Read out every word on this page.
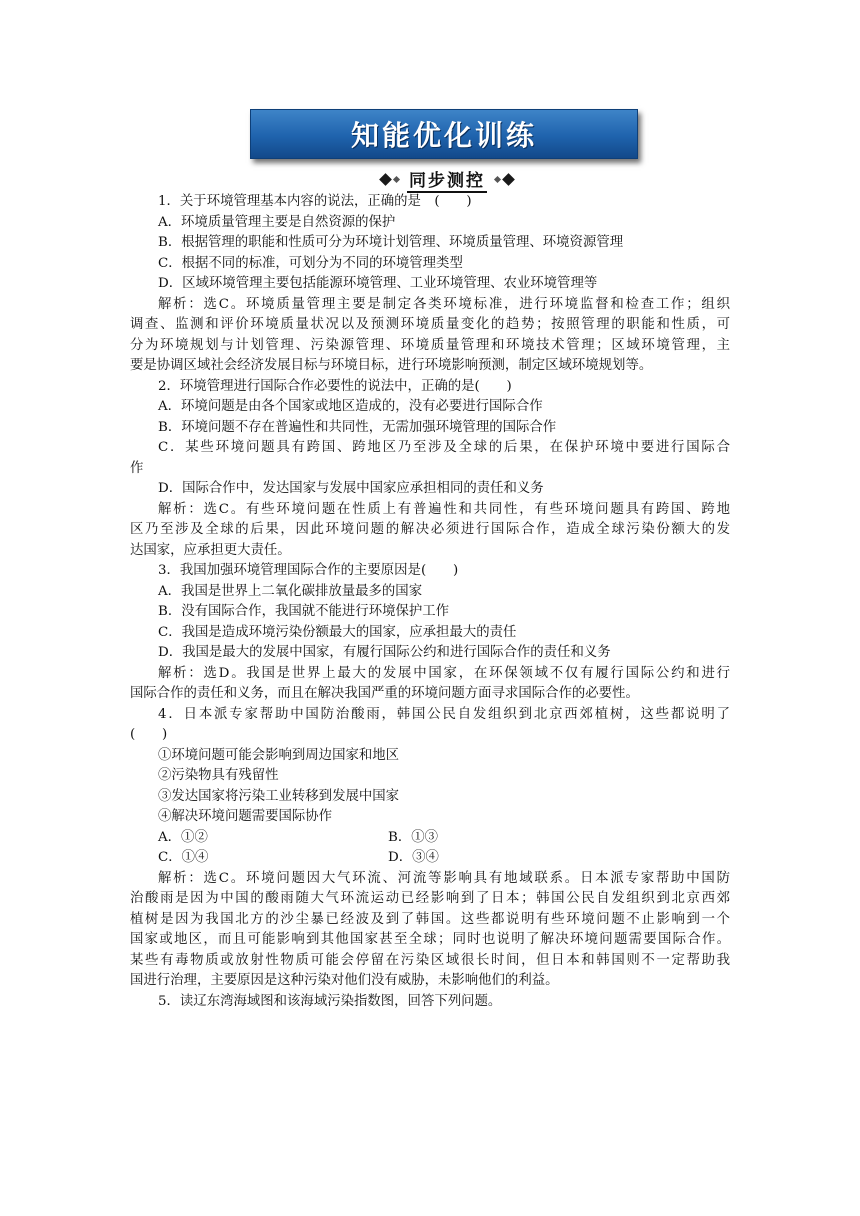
知能优化训练
同步测控
1．关于环境管理基本内容的说法，正确的是　(　　)
A．环境质量管理主要是自然资源的保护
B．根据管理的职能和性质可分为环境计划管理、环境质量管理、环境资源管理
C．根据不同的标准，可划分为不同的环境管理类型
D．区域环境管理主要包括能源环境管理、工业环境管理、农业环境管理等
解析：选C。环境质量管理主要是制定各类环境标准，进行环境监督和检查工作；组织
调查、监测和评价环境质量状况以及预测环境质量变化的趋势；按照管理的职能和性质，可
分为环境规划与计划管理、污染源管理、环境质量管理和环境技术管理；区域环境管理，主
要是协调区域社会经济发展目标与环境目标，进行环境影响预测，制定区域环境规划等。
2．环境管理进行国际合作必要性的说法中，正确的是(　　)
A．环境问题是由各个国家或地区造成的，没有必要进行国际合作
B．环境问题不存在普遍性和共同性，无需加强环境管理的国际合作
C．某些环境问题具有跨国、跨地区乃至涉及全球的后果，在保护环境中要进行国际合
作
D．国际合作中，发达国家与发展中国家应承担相同的责任和义务
解析：选C。有些环境问题在性质上有普遍性和共同性，有些环境问题具有跨国、跨地
区乃至涉及全球的后果，因此环境问题的解决必须进行国际合作，造成全球污染份额大的发
达国家，应承担更大责任。
3．我国加强环境管理国际合作的主要原因是(　　)
A．我国是世界上二氧化碳排放量最多的国家
B．没有国际合作，我国就不能进行环境保护工作
C．我国是造成环境污染份额最大的国家，应承担最大的责任
D．我国是最大的发展中国家，有履行国际公约和进行国际合作的责任和义务
解析：选D。我国是世界上最大的发展中国家，在环保领域不仅有履行国际公约和进行
国际合作的责任和义务，而且在解决我国严重的环境问题方面寻求国际合作的必要性。
4．日本派专家帮助中国防治酸雨，韩国公民自发组织到北京西郊植树，这些都说明了
(　　)
①环境问题可能会影响到周边国家和地区
②污染物具有残留性
③发达国家将污染工业转移到发展中国家
④解决环境问题需要国际协作
A．①②	B．①③
C．①④	D．③④
解析：选C。环境问题因大气环流、河流等影响具有地域联系。日本派专家帮助中国防
治酸雨是因为中国的酸雨随大气环流运动已经影响到了日本；韩国公民自发组织到北京西郊
植树是因为我国北方的沙尘暴已经波及到了韩国。这些都说明有些环境问题不止影响到一个
国家或地区，而且可能影响到其他国家甚至全球；同时也说明了解决环境问题需要国际合作。
某些有毒物质或放射性物质可能会停留在污染区域很长时间，但日本和韩国则不一定帮助我
国进行治理，主要原因是这种污染对他们没有威胁，未影响他们的利益。
5．读辽东湾海域图和该海域污染指数图，回答下列问题。
